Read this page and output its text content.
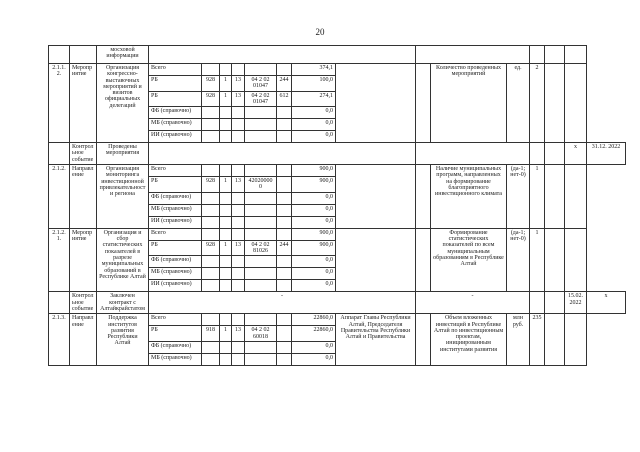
20
		мосховой информации															
2.1.1.2.	Мероприятие	Организация конгрессно-выставочных мероприятий и визитов официальных делегаций	Всего						374,1			Количество проведенных мероприятий	ед.	2			
			РБ	928	1	13	04 2 02 01047	244	100,0								
			РБ	928	1	13	04 2 02 01047	612	274,1								
			ФБ (справочно)						0,0								
			МБ (справочно)						0,0								
			ИИ (справочно)						0,0								
	Контрольное событие	Проведены мероприятия														х	31.12. 2022
2.1.2.	Направление	Организация мониторинга инвестиционной привлекательности региона	Всего						900,0			Наличие муниципальных программ, направленных на формирование благоприятного инвестиционного климата	(да-1; нет-0)	1			
			РБ	928	1	13	42020000 0		900,0								
			ФБ (справочно)						0,0								
			МБ (справочно)						0,0								
			ИИ (справочно)						0,0								
2.1.2.1.	Мероприятие	Организация и сбор статистических показателей в разрезе муниципальных образований в Республике Алтай	Всего						900,0			Формирование статистических показателей по всем муниципальным образованиям в Республике Алтай	(да-1; нет-0)	1			
			РБ	928	1	13	04 2 02 81026	244	900,0								
			ФБ (справочно)						0,0								
			МБ (справочно)						0,0								
			ИИ (справочно)						0,0								
	Контрольное событие	Заключен контракт с Алтайкрайстатом	-								-					15.02. 2022	х
2.1.3.	Направление	Поддержка институтов развития Республики Алтай	Всего						22860,0	Аппарат Главы Республики Алтай, Председателя Правительства Республики Алтай и Правительства		Объем вложенных инвестиций в Республике Алтай по инвестиционным проектам, инициированным институтами развития	млн руб.	235			
			РБ	918	1	13	04 2 02 60018		22860,0								
			ФБ (справочно)						0,0								
			МБ (справочно)						0,0								
